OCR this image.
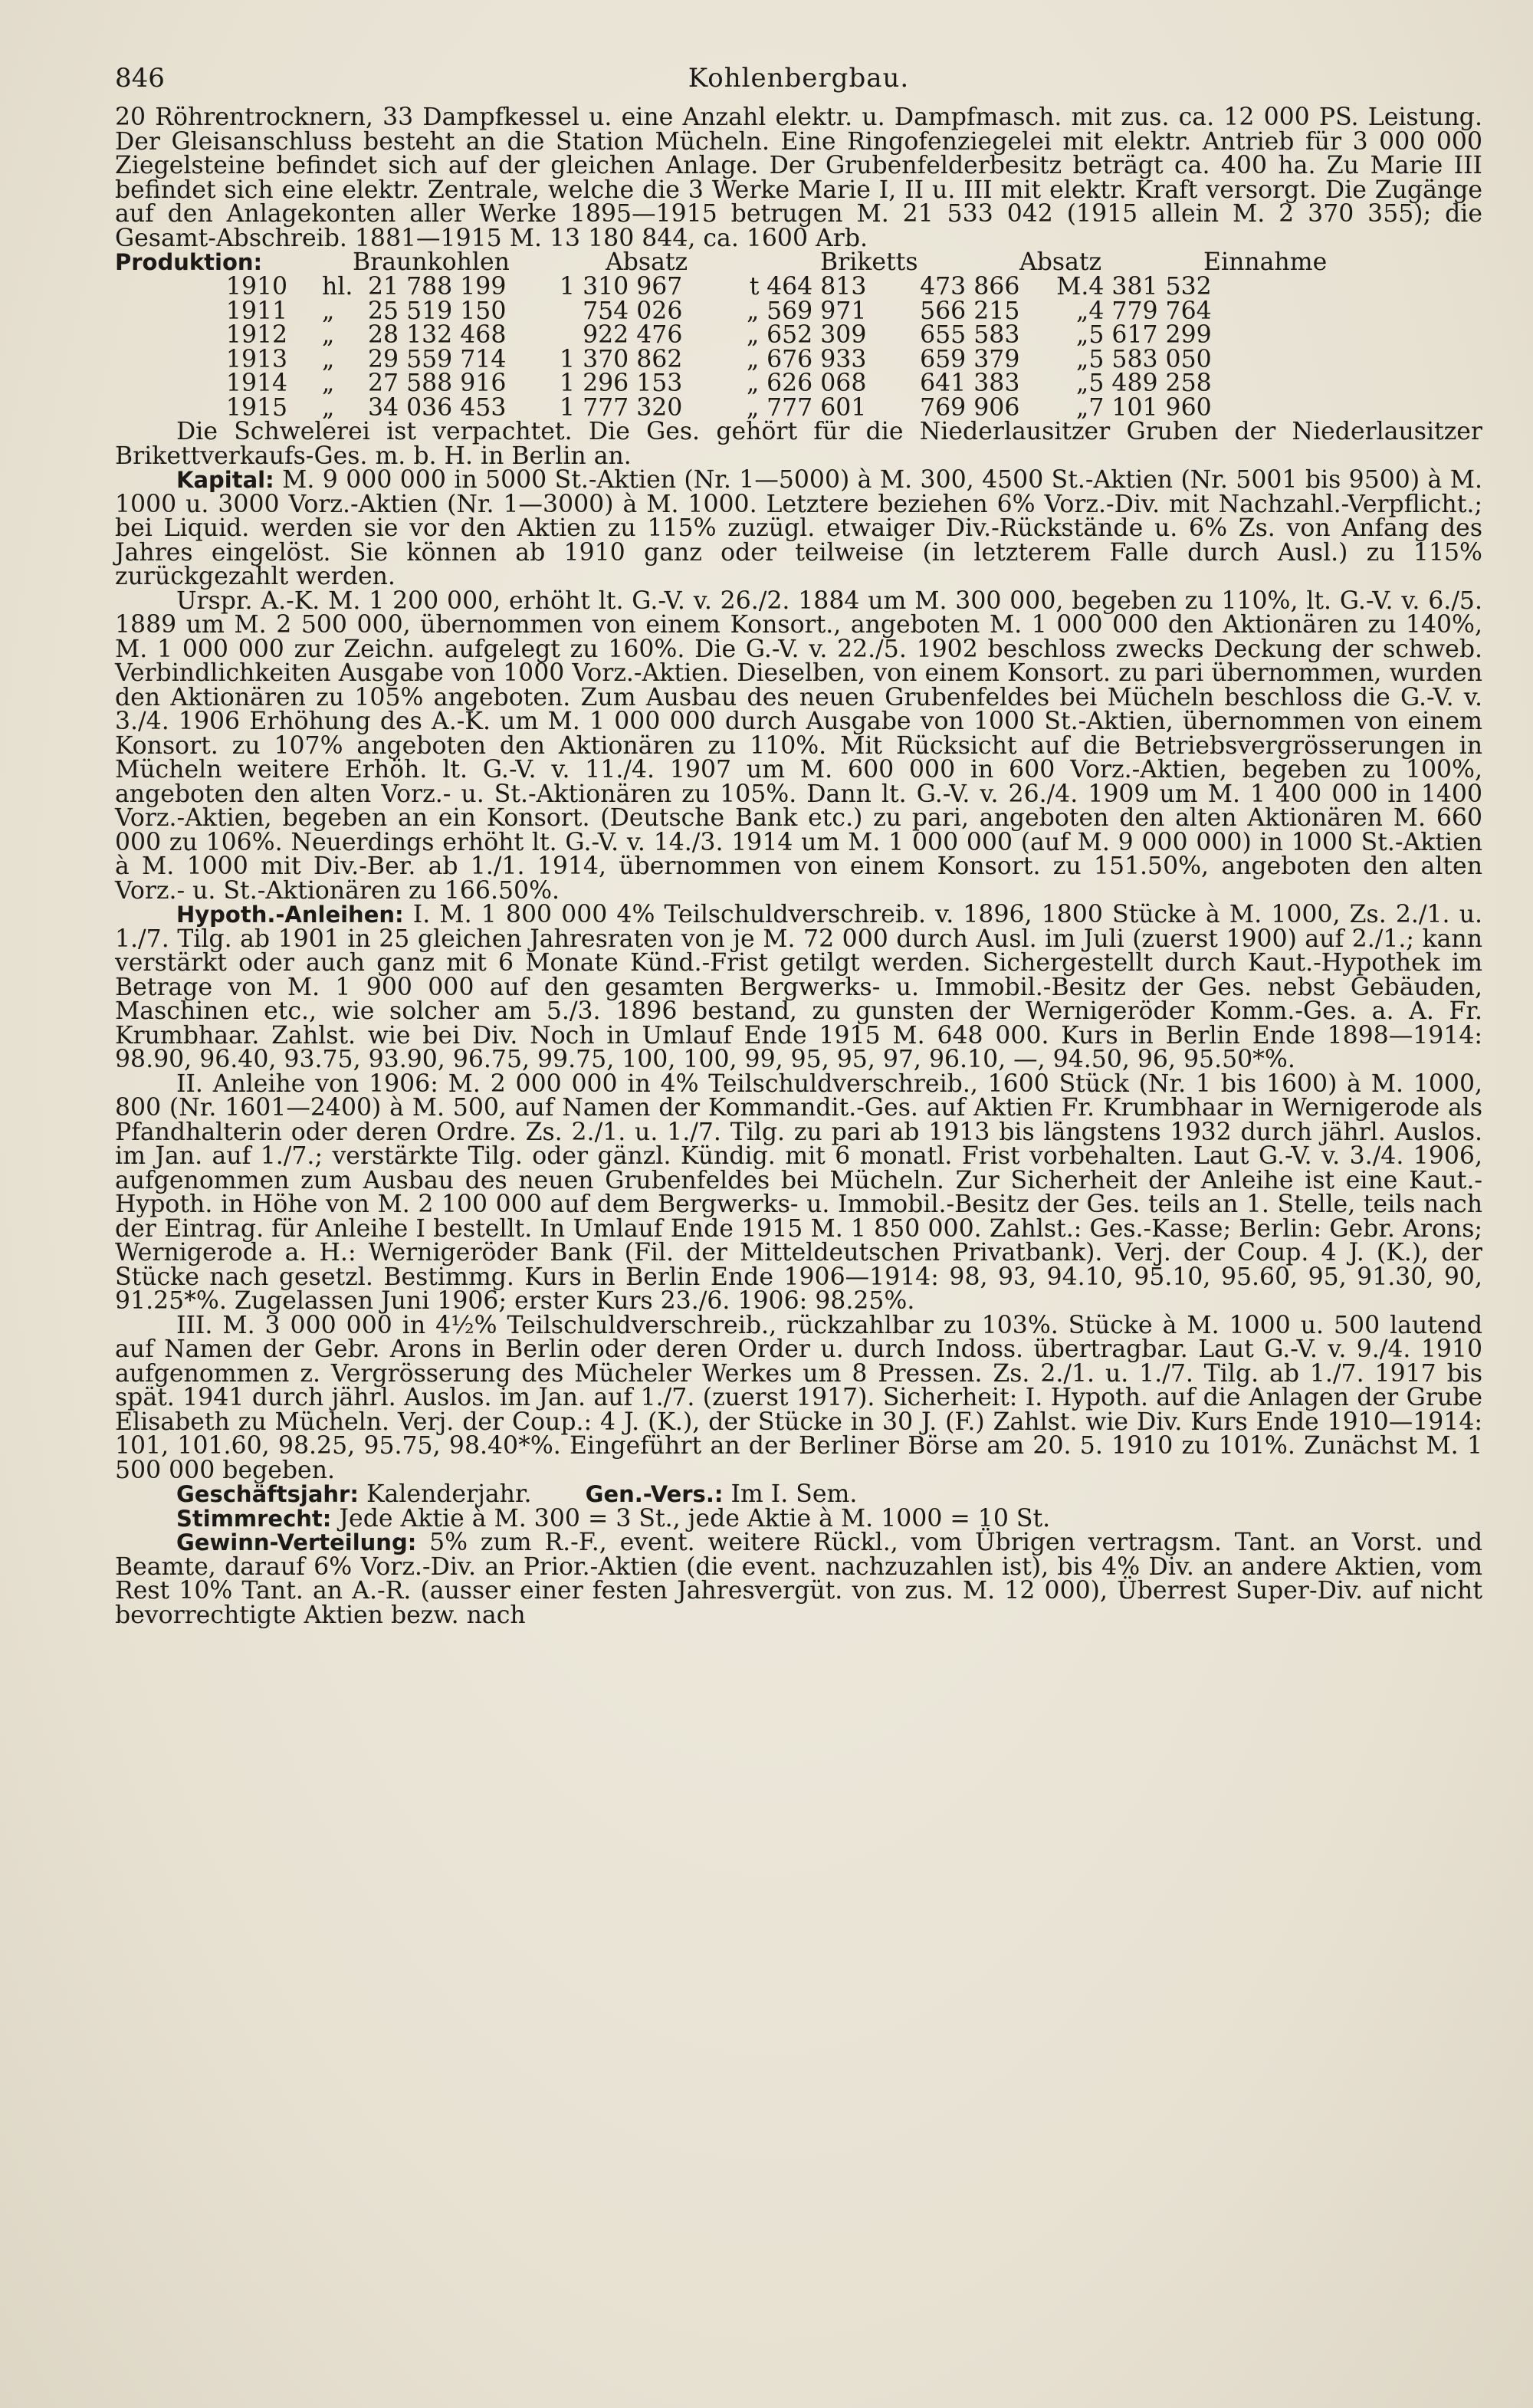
846	Kohlenbergbau.

20 Röhrentrocknern, 33 Dampfkessel u. eine Anzahl elektr. u. Dampfmasch. mit zus. ca. 12 000 PS. Leistung. Der Gleisanschluss besteht an die Station Mücheln. Eine Ringofenziegelei mit elektr. Antrieb für 3 000 000 Ziegelsteine befindet sich auf der gleichen Anlage. Der Grubenfelderbesitz beträgt ca. 400 ha. Zu Marie III befindet sich eine elektr. Zentrale, welche die 3 Werke Marie I, II u. III mit elektr. Kraft versorgt. Die Zugänge auf den Anlagekonten aller Werke 1895—1915 betrugen M. 21 533 042 (1915 allein M. 2 370 355); die Gesamt-Abschreib. 1881—1915 M. 13 180 844, ca. 1600 Arb.

Produktion:	Braunkohlen	Absatz	Briketts	Absatz	Einnahme
1910	hl.	21 788 199	1 310 967	t	464 813	473 866	M.	4 381 532
1911	„	25 519 150	754 026	„	569 971	566 215	„	4 779 764
1912	„	28 132 468	922 476	„	652 309	655 583	„	5 617 299
1913	„	29 559 714	1 370 862	„	676 933	659 379	„	5 583 050
1914	„	27 588 916	1 296 153	„	626 068	641 383	„	5 489 258
1915	„	34 036 453	1 777 320	„	777 601	769 906	„	7 101 960

Die Schwelerei ist verpachtet. Die Ges. gehört für die Niederlausitzer Gruben der Niederlausitzer Brikettverkaufs-Ges. m. b. H. in Berlin an.

Kapital: M. 9 000 000 in 5000 St.-Aktien (Nr. 1—5000) à M. 300, 4500 St.-Aktien (Nr. 5001 bis 9500) à M. 1000 u. 3000 Vorz.-Aktien (Nr. 1—3000) à M. 1000. Letztere beziehen 6% Vorz.-Div. mit Nachzahl.-Verpflicht.; bei Liquid. werden sie vor den Aktien zu 115% zuzügl. etwaiger Div.-Rückstände u. 6% Zs. von Anfang des Jahres eingelöst. Sie können ab 1910 ganz oder teilweise (in letzterem Falle durch Ausl.) zu 115% zurückgezahlt werden.

Urspr. A.-K. M. 1 200 000, erhöht lt. G.-V. v. 26./2. 1884 um M. 300 000, begeben zu 110%, lt. G.-V. v. 6./5. 1889 um M. 2 500 000, übernommen von einem Konsort., angeboten M. 1 000 000 den Aktionären zu 140%, M. 1 000 000 zur Zeichn. aufgelegt zu 160%. Die G.-V. v. 22./5. 1902 beschloss zwecks Deckung der schweb. Verbindlichkeiten Ausgabe von 1000 Vorz.-Aktien. Dieselben, von einem Konsort. zu pari übernommen, wurden den Aktionären zu 105% angeboten. Zum Ausbau des neuen Grubenfeldes bei Mücheln beschloss die G.-V. v. 3./4. 1906 Erhöhung des A.-K. um M. 1 000 000 durch Ausgabe von 1000 St.-Aktien, übernommen von einem Konsort. zu 107% angeboten den Aktionären zu 110%. Mit Rücksicht auf die Betriebsvergrösserungen in Mücheln weitere Erhöh. lt. G.-V. v. 11./4. 1907 um M. 600 000 in 600 Vorz.-Aktien, begeben zu 100%, angeboten den alten Vorz.- u. St.-Aktionären zu 105%. Dann lt. G.-V. v. 26./4. 1909 um M. 1 400 000 in 1400 Vorz.-Aktien, begeben an ein Konsort. (Deutsche Bank etc.) zu pari, angeboten den alten Aktionären M. 660 000 zu 106%. Neuerdings erhöht lt. G.-V. v. 14./3. 1914 um M. 1 000 000 (auf M. 9 000 000) in 1000 St.-Aktien à M. 1000 mit Div.-Ber. ab 1./1. 1914, übernommen von einem Konsort. zu 151.50%, angeboten den alten Vorz.- u. St.-Aktionären zu 166.50%.

Hypoth.-Anleihen: I. M. 1 800 000 4% Teilschuldverschreib. v. 1896, 1800 Stücke à M. 1000, Zs. 2./1. u. 1./7. Tilg. ab 1901 in 25 gleichen Jahresraten von je M. 72 000 durch Ausl. im Juli (zuerst 1900) auf 2./1.; kann verstärkt oder auch ganz mit 6 Monate Künd.-Frist getilgt werden. Sichergestellt durch Kaut.-Hypothek im Betrage von M. 1 900 000 auf den gesamten Bergwerks- u. Immobil.-Besitz der Ges. nebst Gebäuden, Maschinen etc., wie solcher am 5./3. 1896 bestand, zu gunsten der Wernigeröder Komm.-Ges. a. A. Fr. Krumbhaar. Zahlst. wie bei Div. Noch in Umlauf Ende 1915 M. 648 000. Kurs in Berlin Ende 1898—1914: 98.90, 96.40, 93.75, 93.90, 96.75, 99.75, 100, 100, 99, 95, 95, 97, 96.10, —, 94.50, 96, 95.50*%.

II. Anleihe von 1906: M. 2 000 000 in 4% Teilschuldverschreib., 1600 Stück (Nr. 1 bis 1600) à M. 1000, 800 (Nr. 1601—2400) à M. 500, auf Namen der Kommandit.-Ges. auf Aktien Fr. Krumbhaar in Wernigerode als Pfandhalterin oder deren Ordre. Zs. 2./1. u. 1./7. Tilg. zu pari ab 1913 bis längstens 1932 durch jährl. Auslos. im Jan. auf 1./7.; verstärkte Tilg. oder gänzl. Kündig. mit 6 monatl. Frist vorbehalten. Laut G.-V. v. 3./4. 1906, aufgenommen zum Ausbau des neuen Grubenfeldes bei Mücheln. Zur Sicherheit der Anleihe ist eine Kaut.-Hypoth. in Höhe von M. 2 100 000 auf dem Bergwerks- u. Immobil.-Besitz der Ges. teils an 1. Stelle, teils nach der Eintrag. für Anleihe I bestellt. In Umlauf Ende 1915 M. 1 850 000. Zahlst.: Ges.-Kasse; Berlin: Gebr. Arons; Wernigerode a. H.: Wernigeröder Bank (Fil. der Mitteldeutschen Privatbank). Verj. der Coup. 4 J. (K.), der Stücke nach gesetzl. Bestimmg. Kurs in Berlin Ende 1906—1914: 98, 93, 94.10, 95.10, 95.60, 95, 91.30, 90, 91.25*%. Zugelassen Juni 1906; erster Kurs 23./6. 1906: 98.25%.

III. M. 3 000 000 in 4½% Teilschuldverschreib., rückzahlbar zu 103%. Stücke à M. 1000 u. 500 lautend auf Namen der Gebr. Arons in Berlin oder deren Order u. durch Indoss. übertragbar. Laut G.-V. v. 9./4. 1910 aufgenommen z. Vergrösserung des Mücheler Werkes um 8 Pressen. Zs. 2./1. u. 1./7. Tilg. ab 1./7. 1917 bis spät. 1941 durch jährl. Auslos. im Jan. auf 1./7. (zuerst 1917). Sicherheit: I. Hypoth. auf die Anlagen der Grube Elisabeth zu Mücheln. Verj. der Coup.: 4 J. (K.), der Stücke in 30 J. (F.) Zahlst. wie Div. Kurs Ende 1910—1914: 101, 101.60, 98.25, 95.75, 98.40*%. Eingeführt an der Berliner Börse am 20. 5. 1910 zu 101%. Zunächst M. 1 500 000 begeben.

Geschäftsjahr: Kalenderjahr. Gen.-Vers.: Im I. Sem.

Stimmrecht: Jede Aktie à M. 300 = 3 St., jede Aktie à M. 1000 = 10 St.

Gewinn-Verteilung: 5% zum R.-F., event. weitere Rückl., vom Übrigen vertragsm. Tant. an Vorst. und Beamte, darauf 6% Vorz.-Div. an Prior.-Aktien (die event. nachzuzahlen ist), bis 4% Div. an andere Aktien, vom Rest 10% Tant. an A.-R. (ausser einer festen Jahresvergüt. von zus. M. 12 000), Überrest Super-Div. auf nicht bevorrechtigte Aktien bezw. nach
